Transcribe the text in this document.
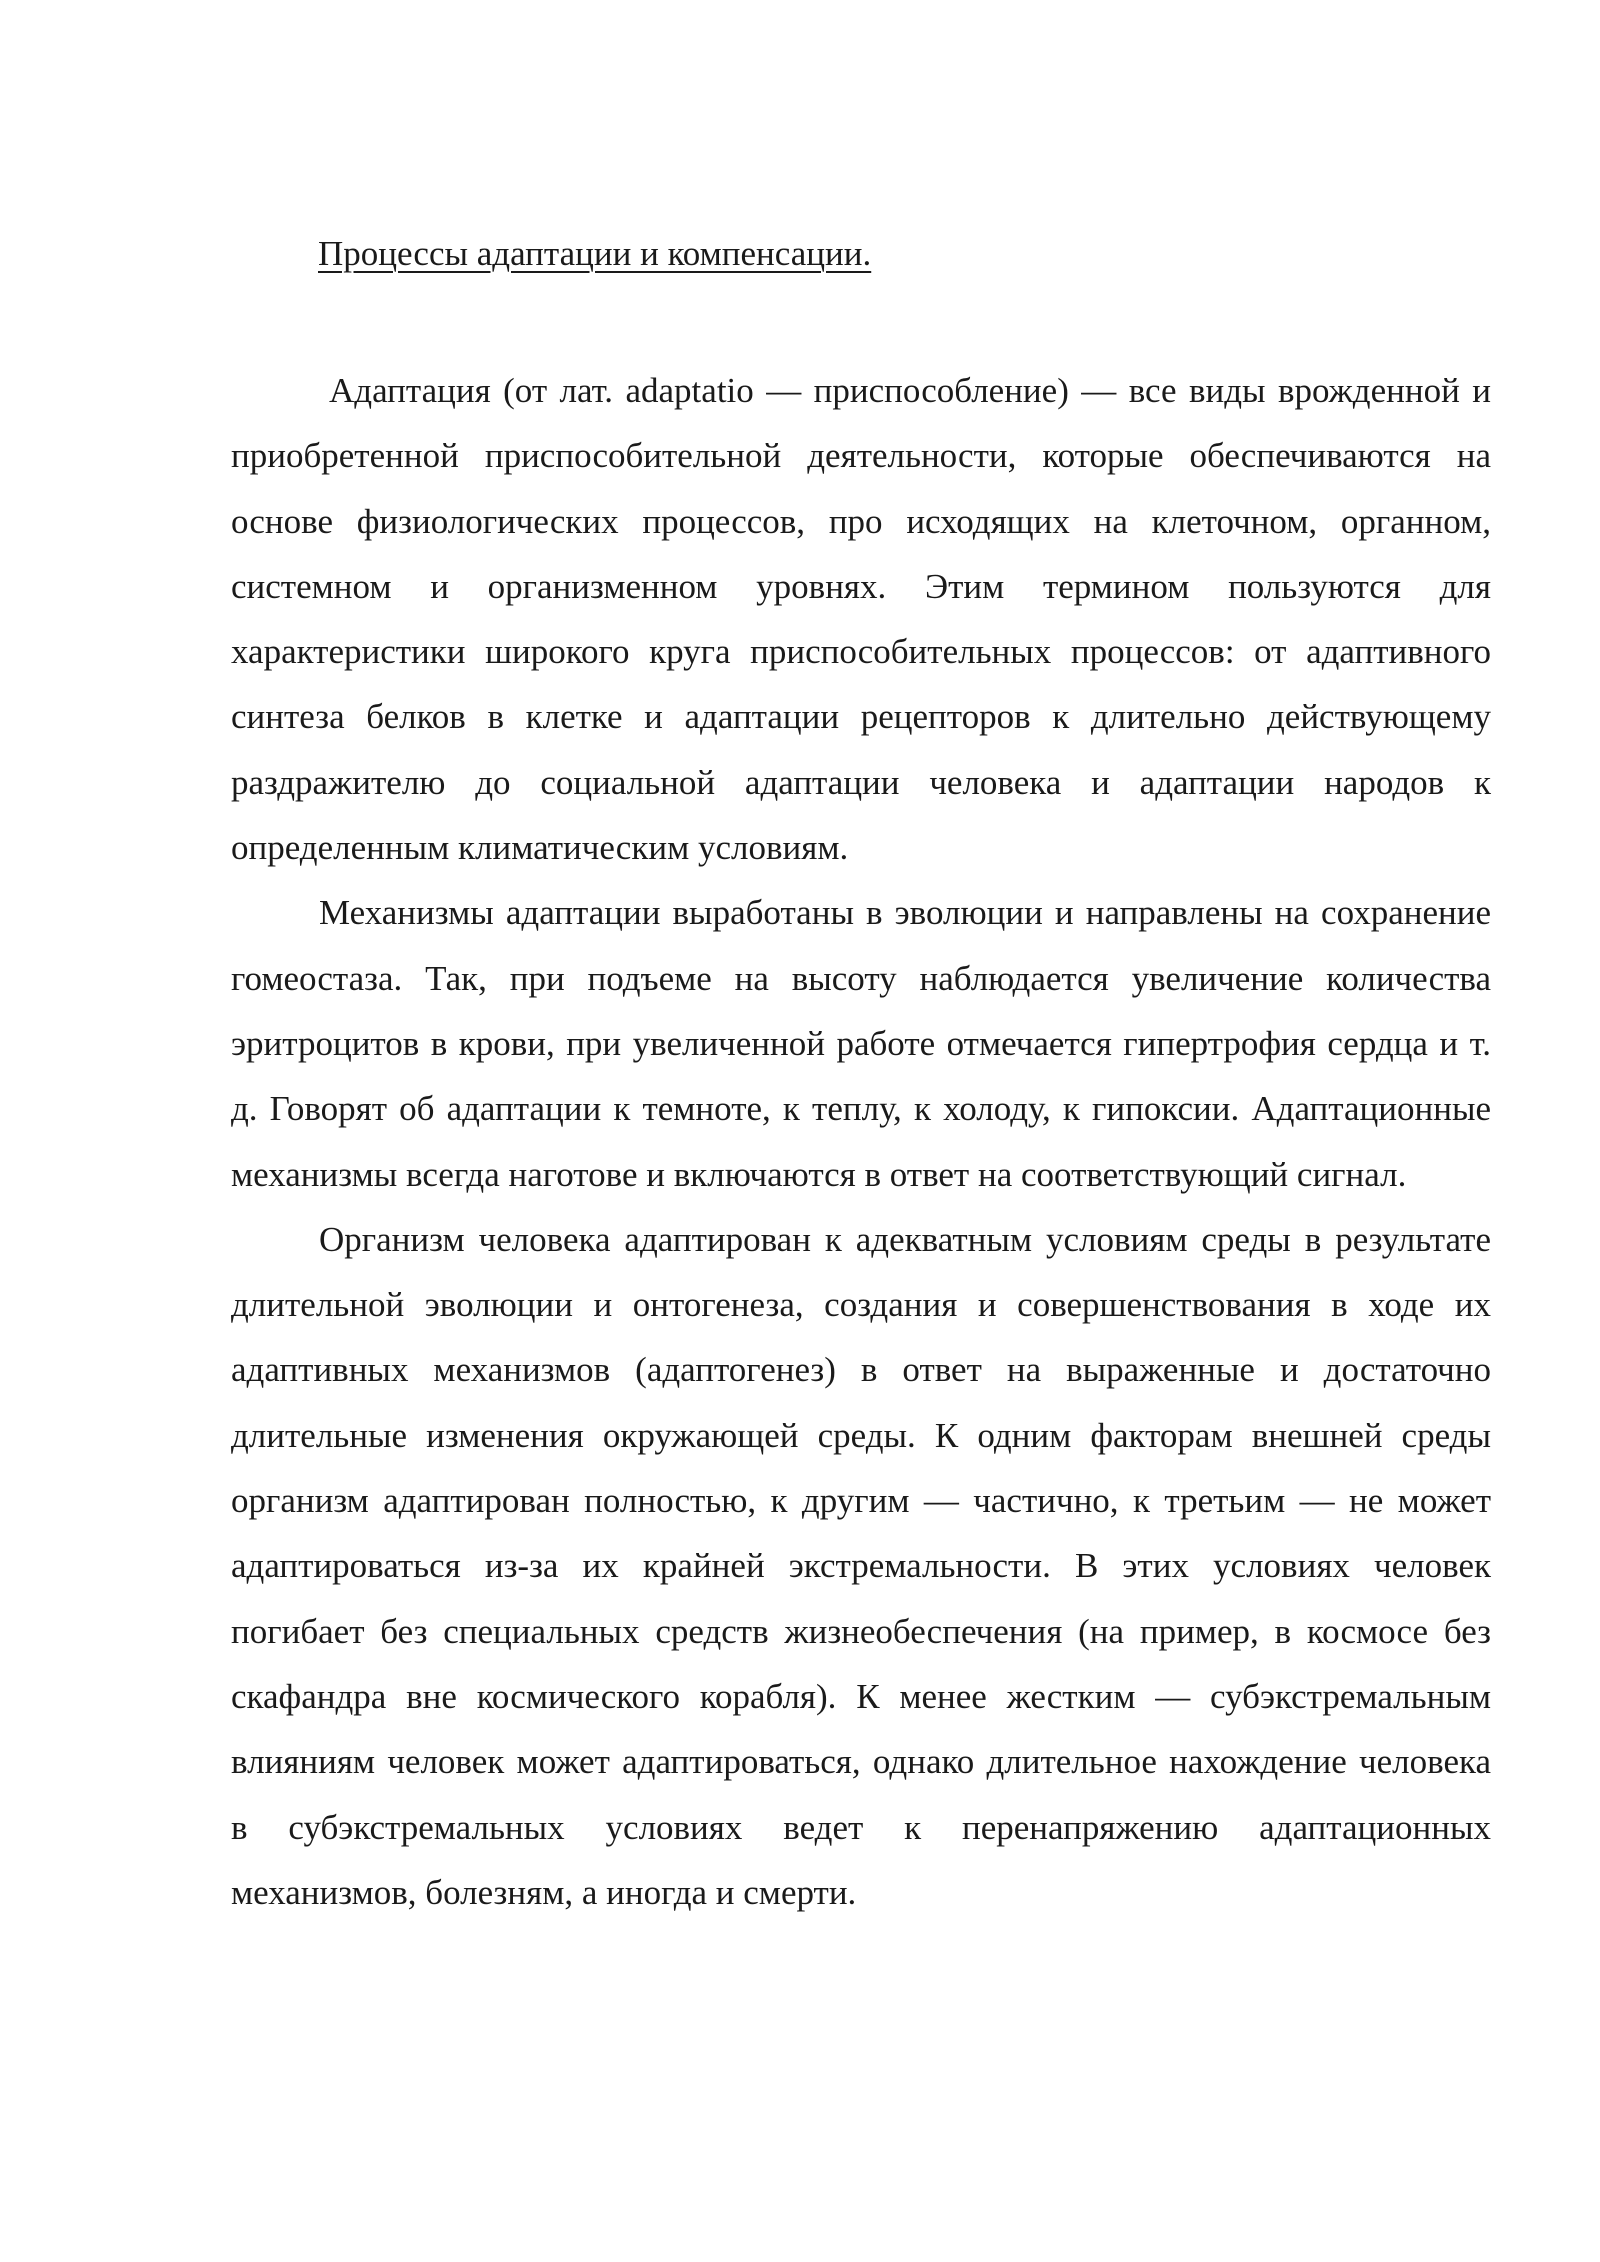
Процессы адаптации и компенсации.

Адаптация (от лат. adaptatio — приспособление) — все виды врожденной и приобретенной приспособительной деятельности, которые обеспечиваются на основе физиологических процессов, про исходящих на клеточном, органном, системном и организменном уровнях. Этим термином пользуются для характеристики широкого круга приспособительных процессов: от адаптивного синтеза белков в клетке и адаптации рецепторов к длительно действующему раздражителю до социальной адаптации человека и адаптации народов к определенным климатическим условиям.

Механизмы адаптации выработаны в эволюции и направлены на сохранение гомеостаза. Так, при подъеме на высоту наблюдается увеличение количества эритроцитов в крови, при увеличенной работе отмечается гипертрофия сердца и т. д. Говорят об адаптации к темноте, к теплу, к холоду, к гипоксии. Адаптационные механизмы всегда наготове и включаются в ответ на соответствующий сигнал.

Организм человека адаптирован к адекватным условиям среды в результате длительной эволюции и онтогенеза, создания и совершенствования в ходе их адаптивных механизмов (адаптогенез) в ответ на выраженные и достаточно длительные изменения окружающей среды. К одним факторам внешней среды организм адаптирован полностью, к другим — частично, к третьим — не может адаптироваться из-за их крайней экстремальности. В этих условиях человек погибает без специальных средств жизнеобеспечения (на пример, в космосе без скафандра вне космического корабля). К менее жестким — субэкстремальным влияниям человек может адаптироваться, однако длительное нахождение человека в субэкстремальных условиях ведет к перенапряжению адаптационных механизмов, болезням, а иногда и смерти.
